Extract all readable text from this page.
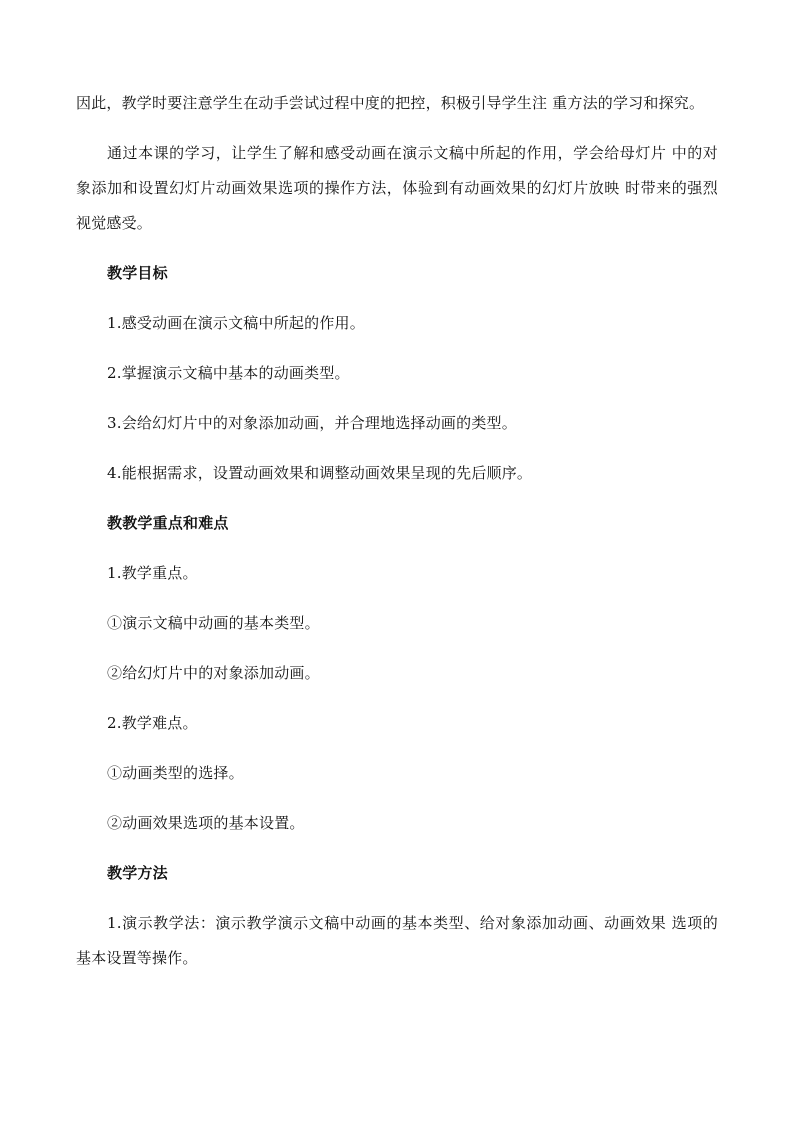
因此，教学时要注意学生在动手尝试过程中度的把控，积极引导学生注 重方法的学习和探究。

通过本课的学习，让学生了解和感受动画在演示文稿中所起的作用，学会给母灯片 中的对象添加和设置幻灯片动画效果选项的操作方法，体验到有动画效果的幻灯片放映 时带来的强烈视觉感受。

教学目标

1.感受动画在演示文稿中所起的作用。

2.掌握演示文稿中基本的动画类型。

3.会给幻灯片中的对象添加动画，并合理地选择动画的类型。

4.能根据需求，设置动画效果和调整动画效果呈现的先后顺序。

教教学重点和难点

1.教学重点。

①演示文稿中动画的基本类型。

②给幻灯片中的对象添加动画。

2.教学难点。

①动画类型的选择。

②动画效果选项的基本设置。

教学方法

1.演示教学法：演示教学演示文稿中动画的基本类型、给对象添加动画、动画效果 选项的基本设置等操作。
